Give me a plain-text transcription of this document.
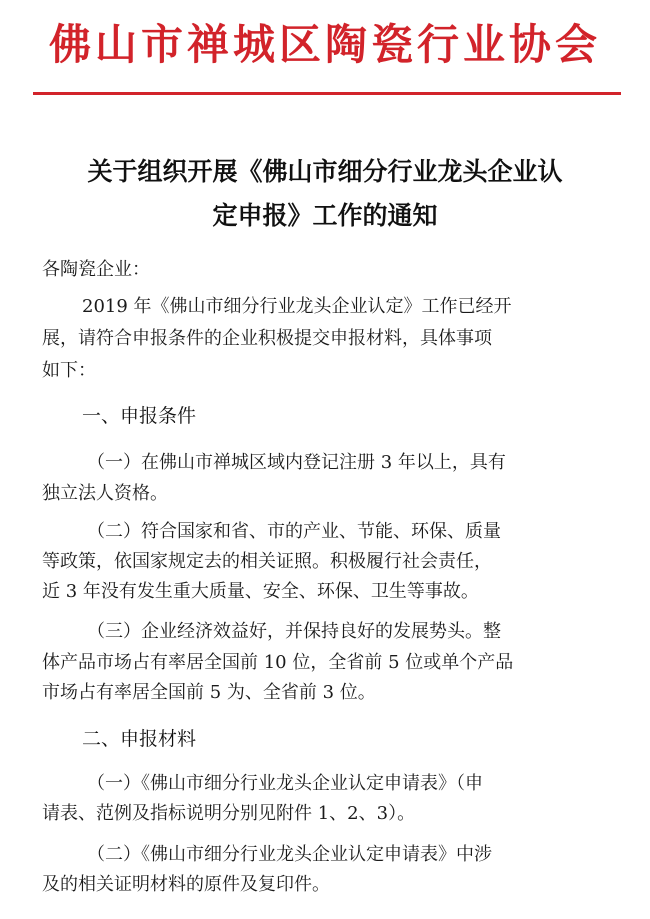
佛山市禅城区陶瓷行业协会
关于组织开展《佛山市细分行业龙头企业认
定申报》工作的通知
各陶瓷企业：
2019 年《佛山市细分行业龙头企业认定》工作已经开
展，请符合申报条件的企业积极提交申报材料，具体事项
如下：
一、申报条件
（一）在佛山市禅城区域内登记注册 3 年以上，具有
独立法人资格。
（二）符合国家和省、市的产业、节能、环保、质量
等政策，依国家规定去的相关证照。积极履行社会责任，
近 3 年没有发生重大质量、安全、环保、卫生等事故。
（三）企业经济效益好，并保持良好的发展势头。整
体产品市场占有率居全国前 10 位，全省前 5 位或单个产品
市场占有率居全国前 5 为、全省前 3 位。
二、申报材料
（一）《佛山市细分行业龙头企业认定申请表》（申
请表、范例及指标说明分别见附件 1、2、3）。
（二）《佛山市细分行业龙头企业认定申请表》中涉
及的相关证明材料的原件及复印件。
